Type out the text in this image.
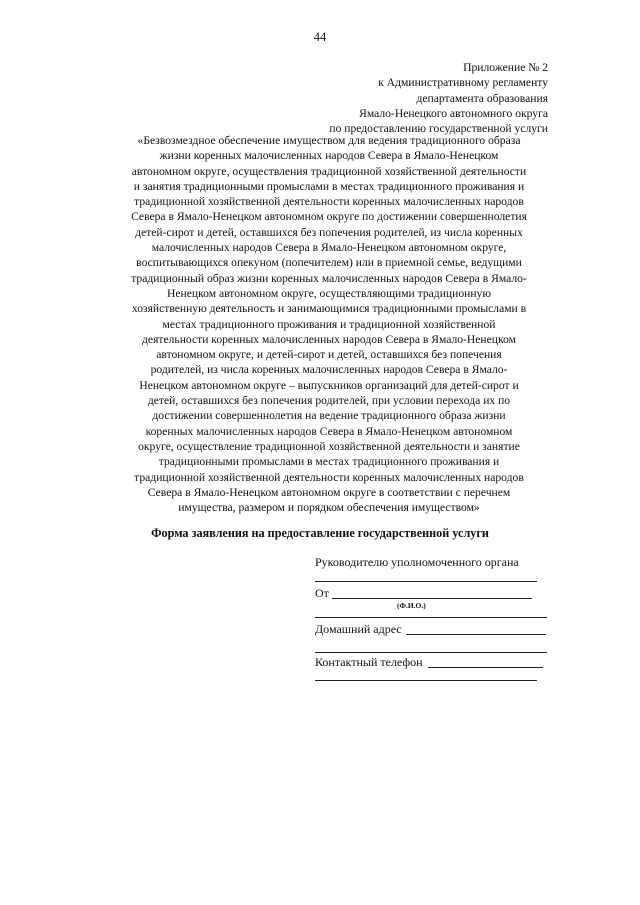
44
Приложение № 2
к Административному регламенту
департамента образования
Ямало-Ненецкого автономного округа
по предоставлению государственной услуги
«Безвозмездное обеспечение имуществом для ведения традиционного образа
жизни коренных малочисленных народов Севера в Ямало-Ненецком
автономном округе, осуществления традиционной хозяйственной деятельности
и занятия традиционными промыслами в местах традиционного проживания и
традиционной хозяйственной деятельности коренных малочисленных народов
Севера в Ямало-Ненецком автономном округе по достижении совершеннолетия
детей-сирот и детей, оставшихся без попечения родителей, из числа коренных
малочисленных народов Севера в Ямало-Ненецком автономном округе,
воспитывающихся опекуном (попечителем) или в приемной семье, ведущими
традиционный образ жизни коренных малочисленных народов Севера в Ямало-
Ненецком автономном округе, осуществляющими традиционную
хозяйственную деятельность и занимающимися традиционными промыслами в
местах традиционного проживания и традиционной хозяйственной
деятельности коренных малочисленных народов Севера в Ямало-Ненецком
автономном округе, и детей-сирот и детей, оставшихся без попечения
родителей, из числа коренных малочисленных народов Севера в Ямало-
Ненецком автономном округе – выпускников организаций для детей-сирот и
детей, оставшихся без попечения родителей, при условии перехода их по
достижении совершеннолетия на ведение традиционного образа жизни
коренных малочисленных народов Севера в Ямало-Ненецком автономном
округе, осуществление традиционной хозяйственной деятельности и занятие
традиционными промыслами в местах традиционного проживания и
традиционной хозяйственной деятельности коренных малочисленных народов
Севера в Ямало-Ненецком автономном округе в соответствии с перечнем
имущества, размером и порядком обеспечения имуществом»
Форма заявления на предоставление государственной услуги
Руководителю уполномоченного органа
От
(Ф.И.О.)
Домашний адрес
Контактный телефон
